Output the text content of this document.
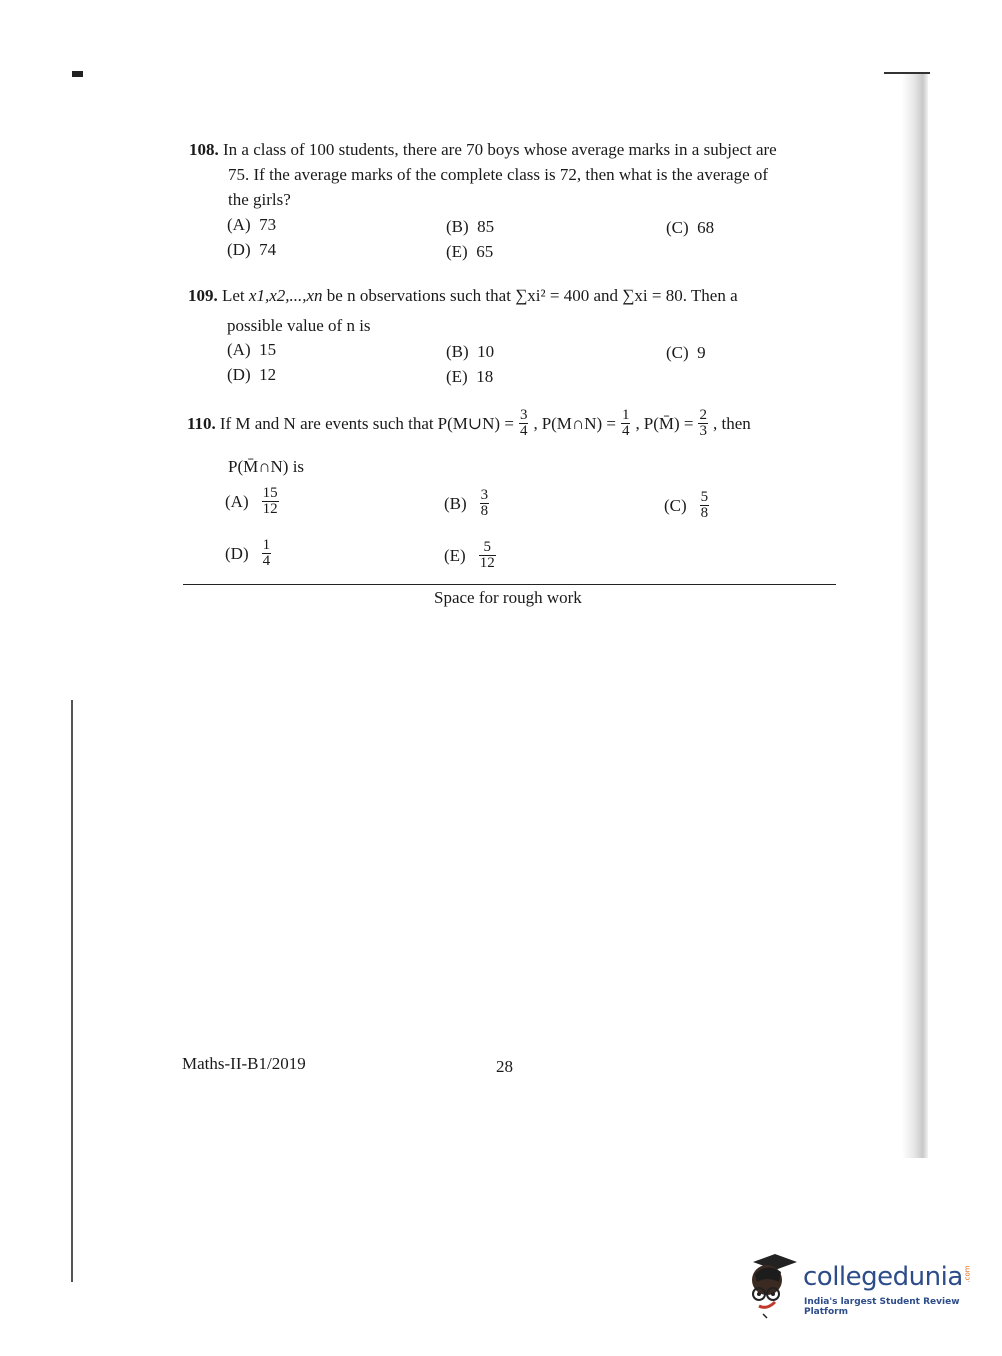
108. In a class of 100 students, there are 70 boys whose average marks in a subject are
75. If the average marks of the complete class is 72, then what is the average of
the girls?
(A) 73	(B) 85	(C) 68
(D) 74	(E) 65
109. Let x1,x2,...,xn be n observations such that ∑xi² = 400 and ∑xi = 80. Then a
possible value of n is
(A) 15	(B) 10	(C) 9
(D) 12	(E) 18
110. If M and N are events such that P(M∪N) = $\frac{3}{4}$ , P(M∩N) = $\frac{1}{4}$ , P(M̄) = $\frac{2}{3}$ , then
P(M̄∩N) is
$(A) \frac{15}{12}$	$(B) \frac{3}{8}$	$(C) \frac{5}{8}$
$(D) \frac{1}{4}$	$(E) \frac{5}{12}$
Space for rough work
Maths-II-B1/2019	28
collegedunia .com
India's largest Student Review Platform
